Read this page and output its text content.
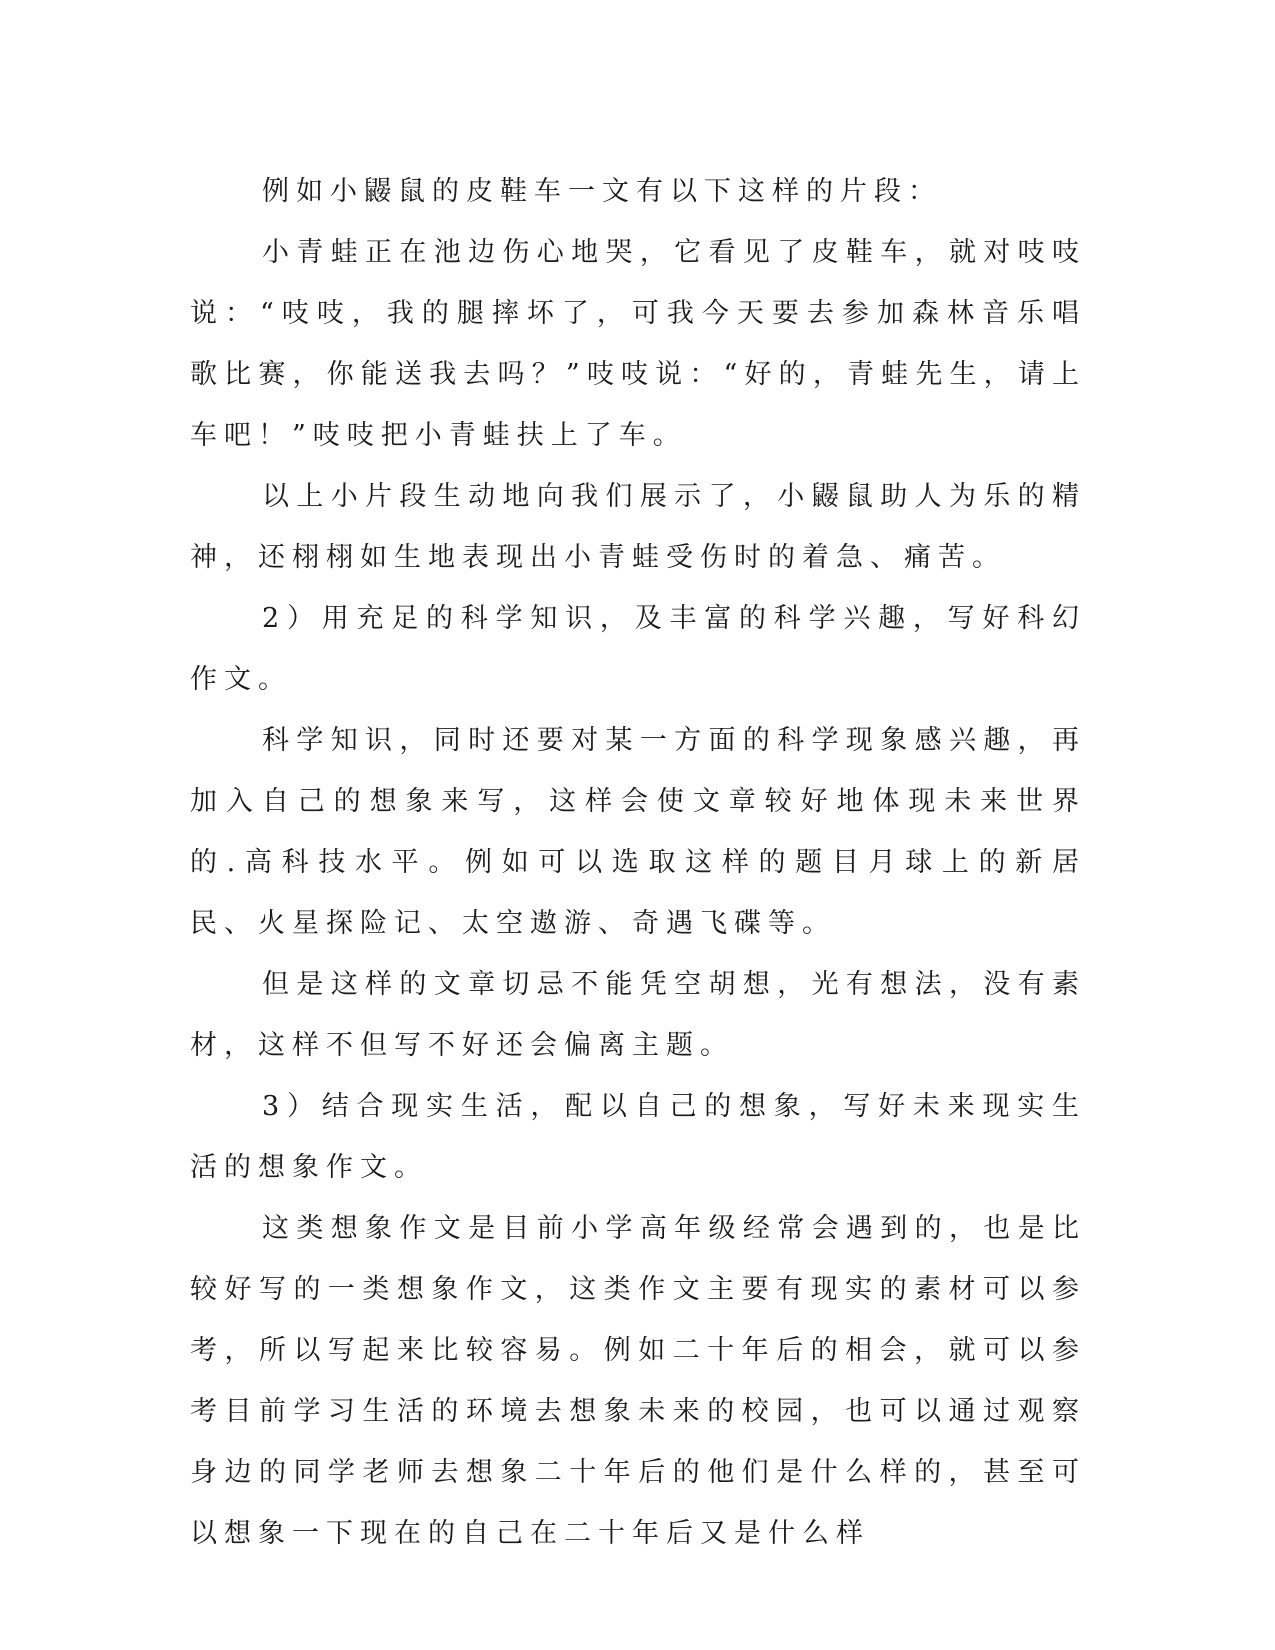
例如小鼹鼠的皮鞋车一文有以下这样的片段：

小青蛙正在池边伤心地哭，它看见了皮鞋车，就对吱吱说：“吱吱，我的腿摔坏了，可我今天要去参加森林音乐唱歌比赛，你能送我去吗？”吱吱说：“好的，青蛙先生，请上车吧！”吱吱把小青蛙扶上了车。

以上小片段生动地向我们展示了，小鼹鼠助人为乐的精神，还栩栩如生地表现出小青蛙受伤时的着急、痛苦。

2）用充足的科学知识，及丰富的科学兴趣，写好科幻作文。

科学知识，同时还要对某一方面的科学现象感兴趣，再加入自己的想象来写，这样会使文章较好地体现未来世界的.高科技水平。例如可以选取这样的题目月球上的新居民、火星探险记、太空遨游、奇遇飞碟等。

但是这样的文章切忌不能凭空胡想，光有想法，没有素材，这样不但写不好还会偏离主题。

3）结合现实生活，配以自己的想象，写好未来现实生活的想象作文。

这类想象作文是目前小学高年级经常会遇到的，也是比较好写的一类想象作文，这类作文主要有现实的素材可以参考，所以写起来比较容易。例如二十年后的相会，就可以参考目前学习生活的环境去想象未来的校园，也可以通过观察身边的同学老师去想象二十年后的他们是什么样的，甚至可以想象一下现在的自己在二十年后又是什么样
